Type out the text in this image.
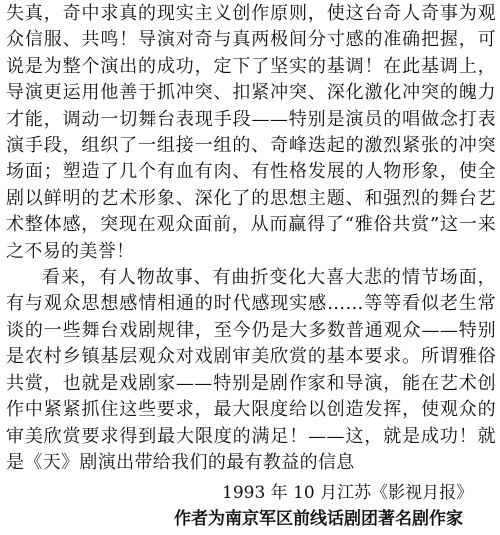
失真，奇中求真的现实主义创作原则，使这台奇人奇事为观众信服、共鸣！导演对奇与真两极间分寸感的准确把握，可说是为整个演出的成功，定下了坚实的基调！在此基调上，导演更运用他善于抓冲突、扣紧冲突、深化激化冲突的魄力才能，调动一切舞台表现手段——特别是演员的唱做念打表演手段，组织了一组接一组的、奇峰迭起的激烈紧张的冲突场面；塑造了几个有血有肉、有性格发展的人物形象，使全剧以鲜明的艺术形象、深化了的思想主题、和强烈的舞台艺术整体感，突现在观众面前，从而赢得了“雅俗共赏”这一来之不易的美誉！

看来，有人物故事、有曲折变化大喜大悲的情节场面，有与观众思想感情相通的时代感现实感……等等看似老生常谈的一些舞台戏剧规律，至今仍是大多数普通观众——特别是农村乡镇基层观众对戏剧审美欣赏的基本要求。所谓雅俗共赏，也就是戏剧家——特别是剧作家和导演，能在艺术创作中紧紧抓住这些要求，最大限度给以创造发挥，使观众的审美欣赏要求得到最大限度的满足！——这，就是成功！就是《天》剧演出带给我们的最有教益的信息

1993 年 10 月江苏《影视月报》
作者为南京军区前线话剧团著名剧作家
